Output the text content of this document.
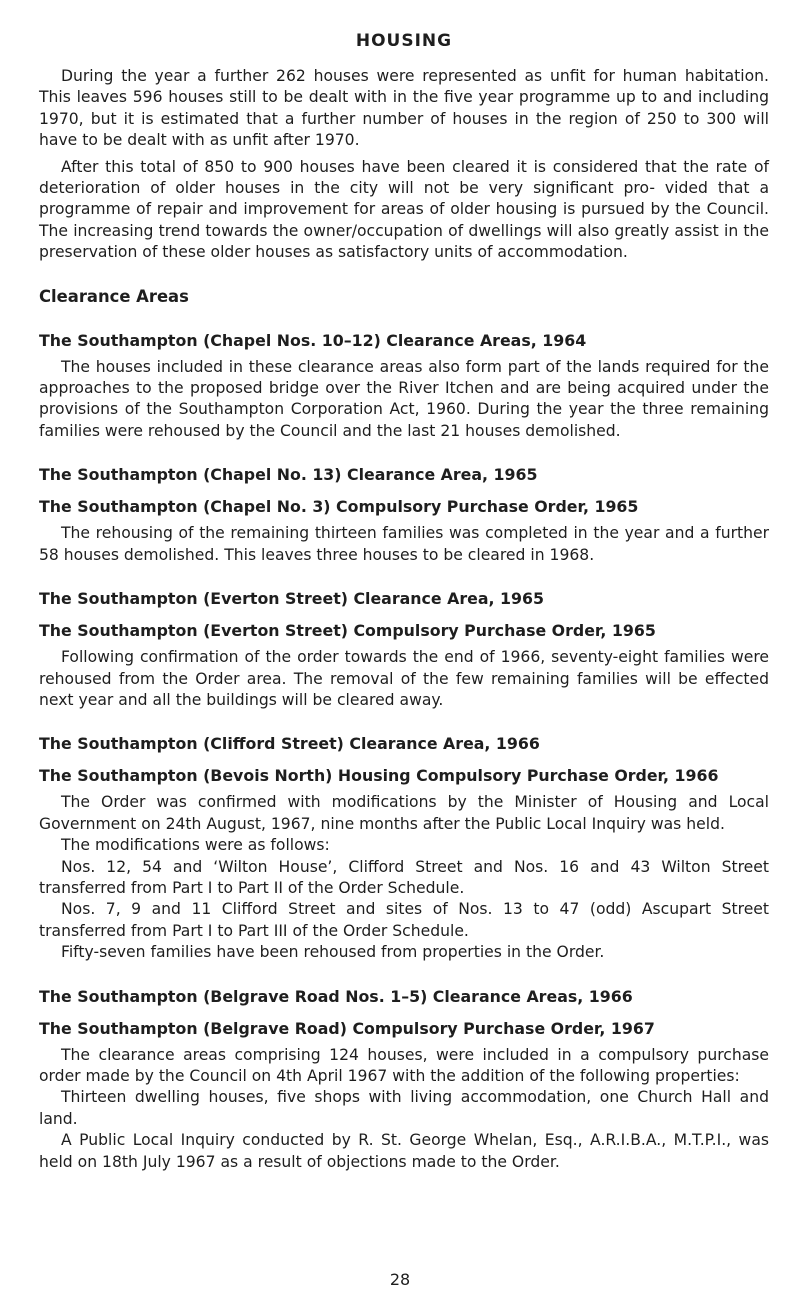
HOUSING

During the year a further 262 houses were represented as unfit for human habitation. This leaves 596 houses still to be dealt with in the five year programme up to and including 1970, but it is estimated that a further number of houses in the region of 250 to 300 will have to be dealt with as unfit after 1970.

After this total of 850 to 900 houses have been cleared it is considered that the rate of deterioration of older houses in the city will not be very significant pro- vided that a programme of repair and improvement for areas of older housing is pursued by the Council. The increasing trend towards the owner/occupation of dwellings will also greatly assist in the preservation of these older houses as satisfactory units of accommodation.

Clearance Areas
The Southampton (Chapel Nos. 10–12) Clearance Areas, 1964

The houses included in these clearance areas also form part of the lands required for the approaches to the proposed bridge over the River Itchen and are being acquired under the provisions of the Southampton Corporation Act, 1960. During the year the three remaining families were rehoused by the Council and the last 21 houses demolished.

The Southampton (Chapel No. 13) Clearance Area, 1965
The Southampton (Chapel No. 3) Compulsory Purchase Order, 1965

The rehousing of the remaining thirteen families was completed in the year and a further 58 houses demolished. This leaves three houses to be cleared in 1968.

The Southampton (Everton Street) Clearance Area, 1965
The Southampton (Everton Street) Compulsory Purchase Order, 1965

Following confirmation of the order towards the end of 1966, seventy-eight families were rehoused from the Order area. The removal of the few remaining families will be effected next year and all the buildings will be cleared away.

The Southampton (Clifford Street) Clearance Area, 1966
The Southampton (Bevois North) Housing Compulsory Purchase Order, 1966

The Order was confirmed with modifications by the Minister of Housing and Local Government on 24th August, 1967, nine months after the Public Local Inquiry was held.

The modifications were as follows:

Nos. 12, 54 and ‘Wilton House’, Clifford Street and Nos. 16 and 43 Wilton Street transferred from Part I to Part II of the Order Schedule.

Nos. 7, 9 and 11 Clifford Street and sites of Nos. 13 to 47 (odd) Ascupart Street transferred from Part I to Part III of the Order Schedule.

Fifty-seven families have been rehoused from properties in the Order.

The Southampton (Belgrave Road Nos. 1–5) Clearance Areas, 1966
The Southampton (Belgrave Road) Compulsory Purchase Order, 1967

The clearance areas comprising 124 houses, were included in a compulsory purchase order made by the Council on 4th April 1967 with the addition of the following properties:

Thirteen dwelling houses, five shops with living accommodation, one Church Hall and land.

A Public Local Inquiry conducted by R. St. George Whelan, Esq., A.R.I.B.A., M.T.P.I., was held on 18th July 1967 as a result of objections made to the Order.

28
